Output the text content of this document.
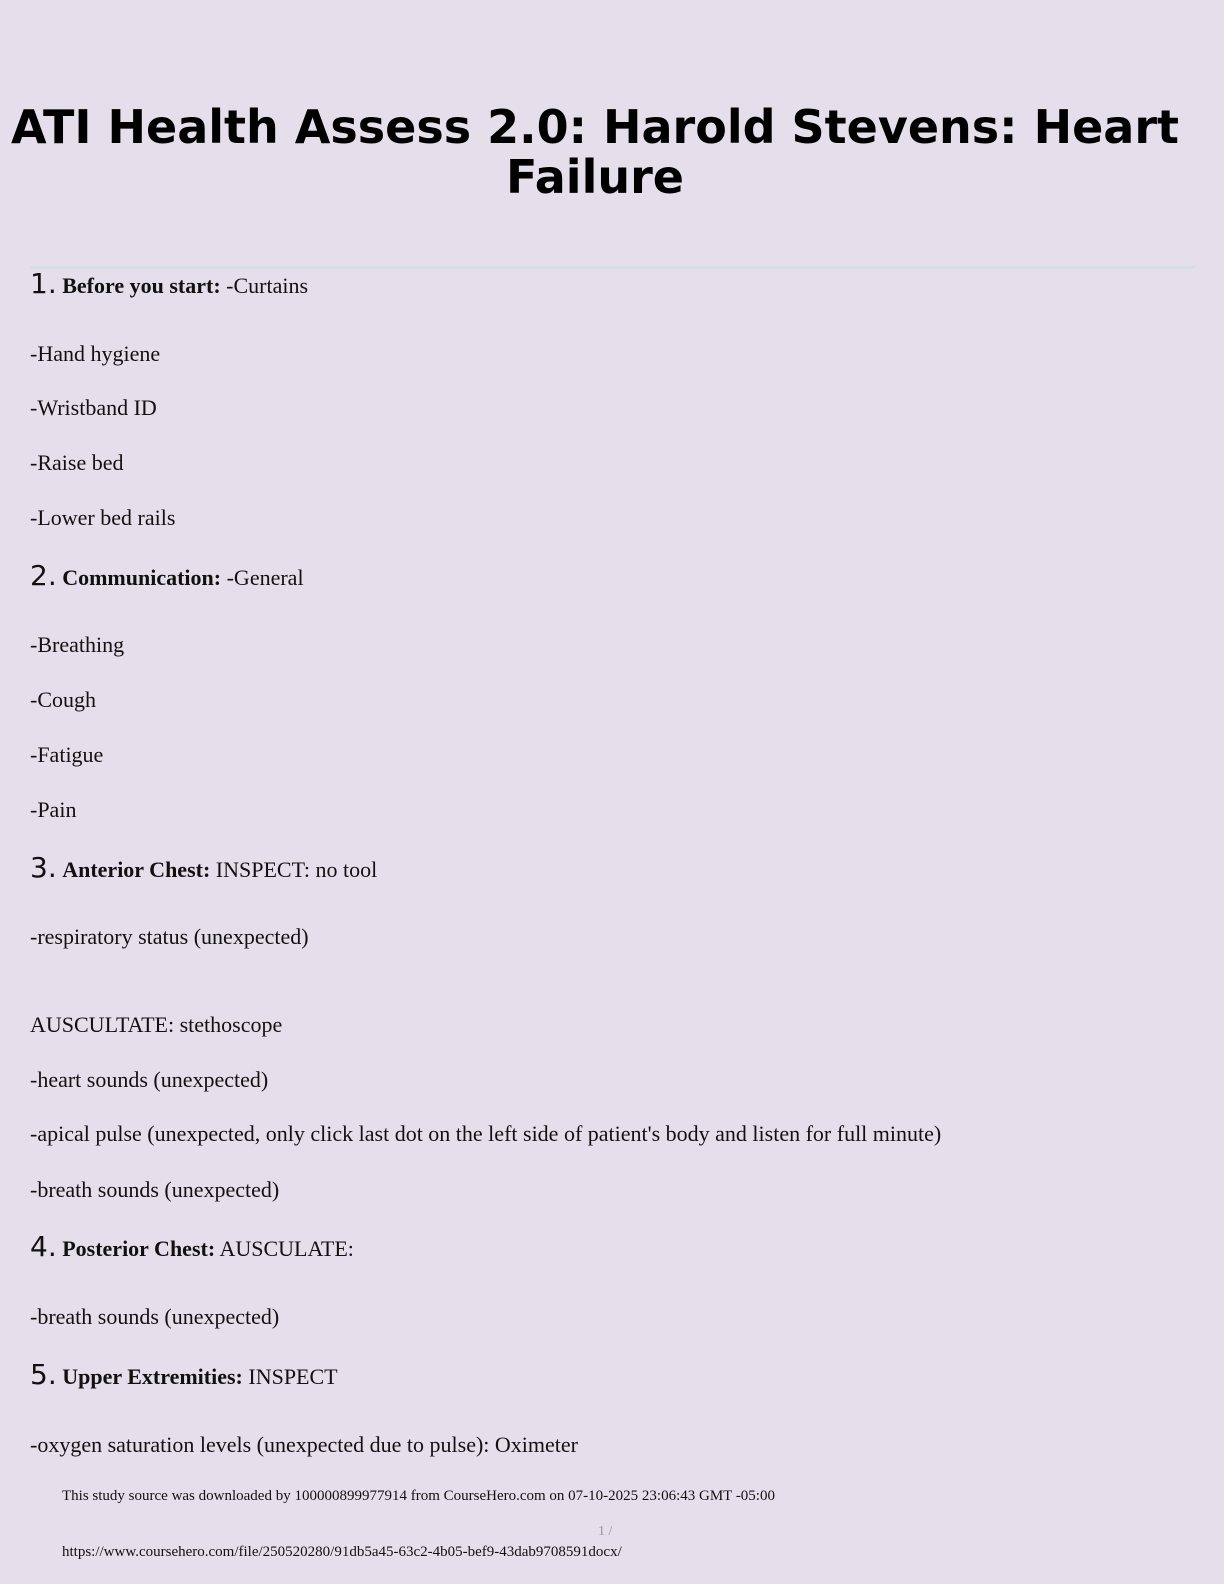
ATI Health Assess 2.0: Harold Stevens: Heart Failure
1. Before you start: -Curtains
-Hand hygiene
-Wristband ID
-Raise bed
-Lower bed rails
2. Communication: -General
-Breathing
-Cough
-Fatigue
-Pain
3. Anterior Chest: INSPECT: no tool
-respiratory status (unexpected)
AUSCULTATE: stethoscope
-heart sounds (unexpected)
-apical pulse (unexpected, only click last dot on the left side of patient's body and listen for full minute)
-breath sounds (unexpected)
4. Posterior Chest: AUSCULATE:
-breath sounds (unexpected)
5. Upper Extremities: INSPECT
-oxygen saturation levels (unexpected due to pulse): Oximeter
This study source was downloaded by 100000899977914 from CourseHero.com on 07-10-2025 23:06:43 GMT -05:00
1 /
https://www.coursehero.com/file/250520280/91db5a45-63c2-4b05-bef9-43dab9708591docx/
